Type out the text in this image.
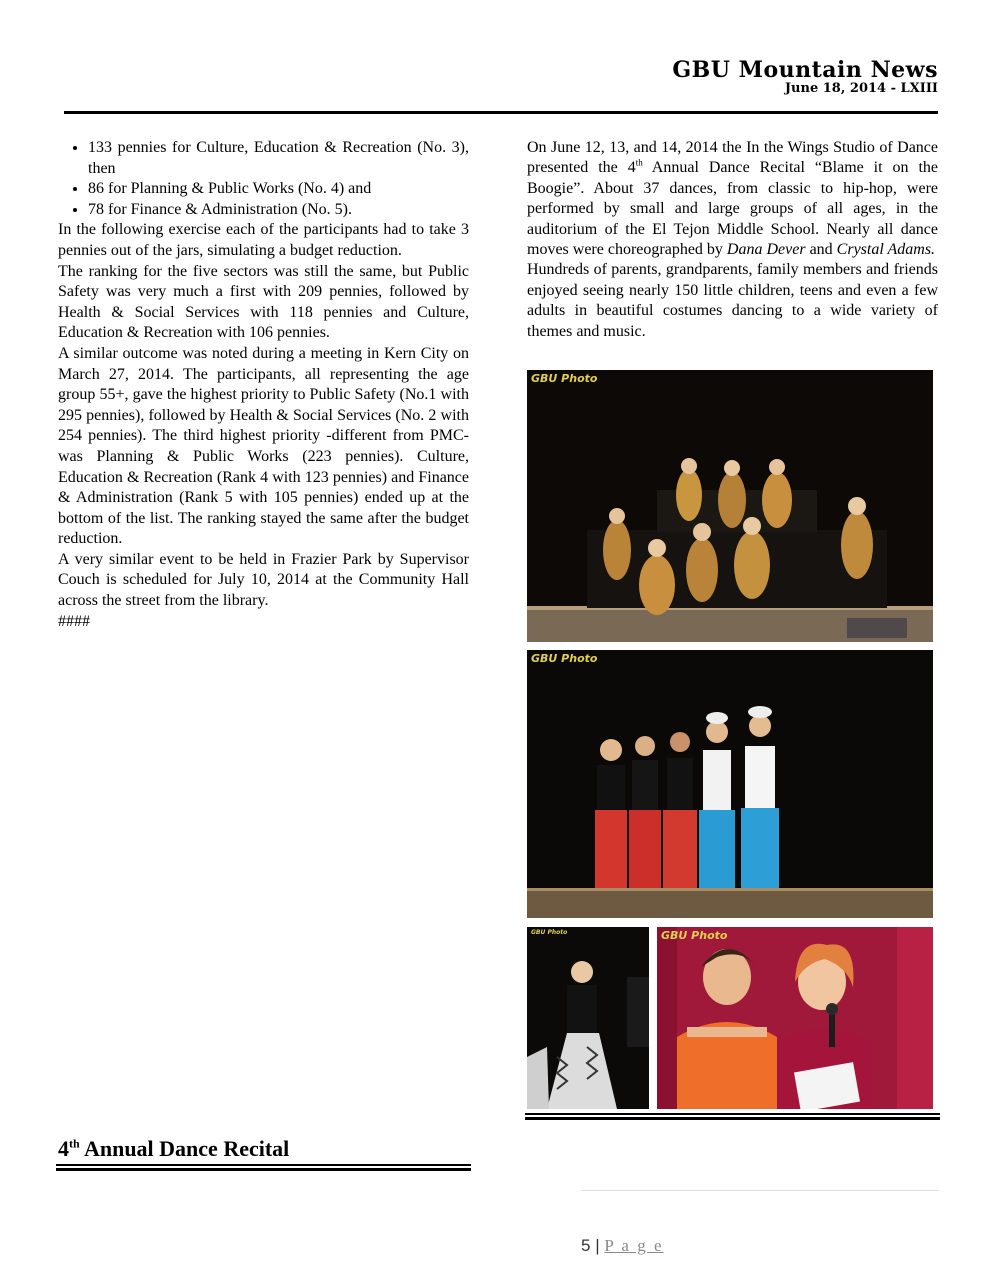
GBU Mountain News
June 18, 2014 - LXIII
• 133 pennies for Culture, Education & Recreation (No. 3), then
• 86 for Planning & Public Works (No. 4) and
• 78 for Finance & Administration (No. 5).

In the following exercise each of the participants had to take 3 pennies out of the jars, simulating a budget reduction.

The ranking for the five sectors was still the same, but Public Safety was very much a first with 209 pennies, followed by Health & Social Services with 118 pennies and Culture, Education & Recreation with 106 pennies.

A similar outcome was noted during a meeting in Kern City on March 27, 2014. The participants, all representing the age group 55+, gave the highest priority to Public Safety (No.1 with 295 pennies), followed by Health & Social Services (No. 2 with 254 pennies). The third highest priority -different from PMC- was Planning & Public Works (223 pennies). Culture, Education & Recreation (Rank 4 with 123 pennies) and Finance & Administration (Rank 5 with 105 pennies) ended up at the bottom of the list. The ranking stayed the same after the budget reduction.

A very similar event to be held in Frazier Park by Supervisor Couch is scheduled for July 10, 2014 at the Community Hall across the street from the library.

####

On June 12, 13, and 14, 2014 the In the Wings Studio of Dance presented the 4th Annual Dance Recital “Blame it on the Boogie”. About 37 dances, from classic to hip-hop, were performed by small and large groups of all ages, in the auditorium of the El Tejon Middle School. Nearly all dance moves were choreographed by Dana Dever and Crystal Adams.

Hundreds of parents, grandparents, family members and friends enjoyed seeing nearly 150 little children, teens and even a few adults in beautiful costumes dancing to a wide variety of themes and music.

GBU Photo
GBU Photo
GBU Photo	GBU Photo
4th Annual Dance Recital
5 | P a g e
